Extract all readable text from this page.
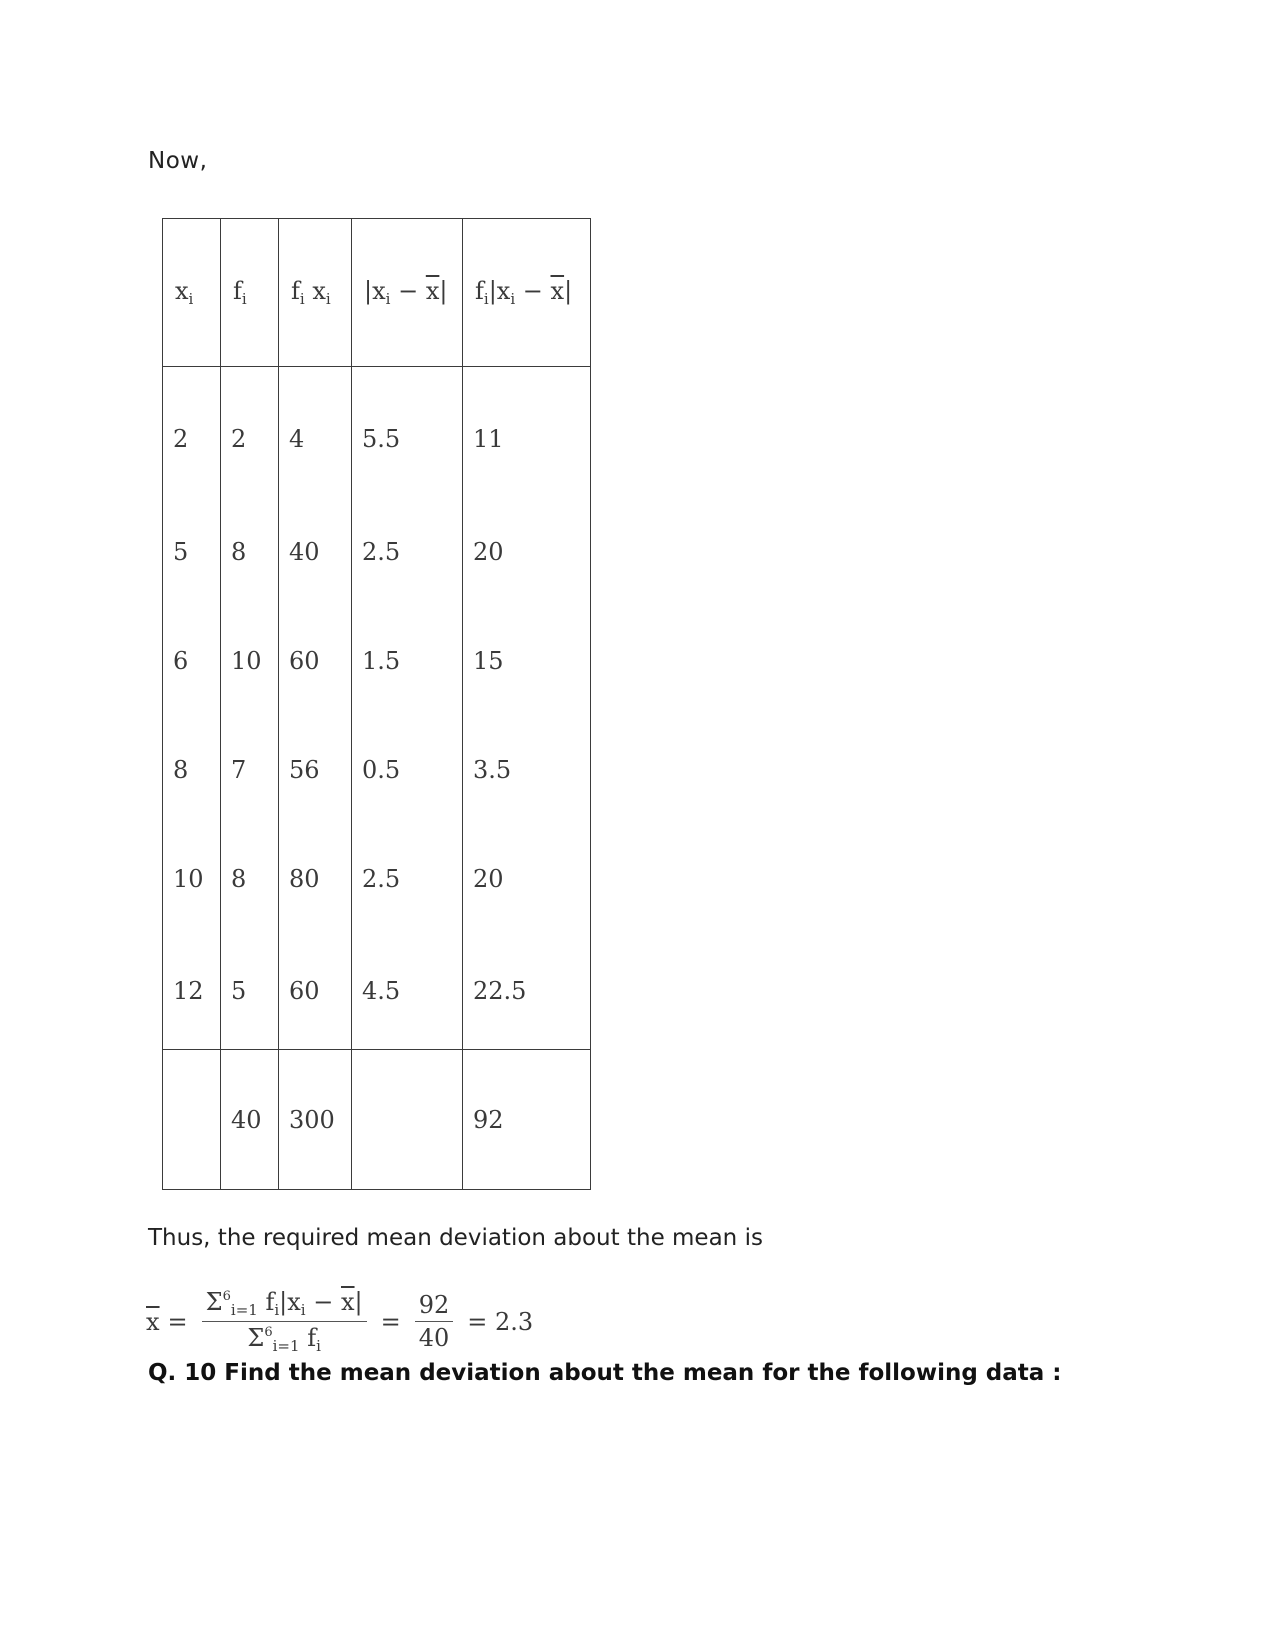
Now,
$x_i$	$f_i$	$f_i$ $x_i$	$|x_i - \overline{x}|$	$f_i|x_i - \overline{x}|$
2	2	4	5.5	11
5	8	40	2.5	20
6	10	60	1.5	15
8	7	56	0.5	3.5
10	8	80	2.5	20
12	5	60	4.5	22.5
	40	300		92
Thus, the required mean deviation about the mean is
$\overline{x} = \frac{\Sigma^6_{i=1} f_i|x_i - \overline{x}|}{\Sigma^6_{i=1} f_i} = \frac{92}{40} = 2.3$
Q. 10 Find the mean deviation about the mean for the following data :
